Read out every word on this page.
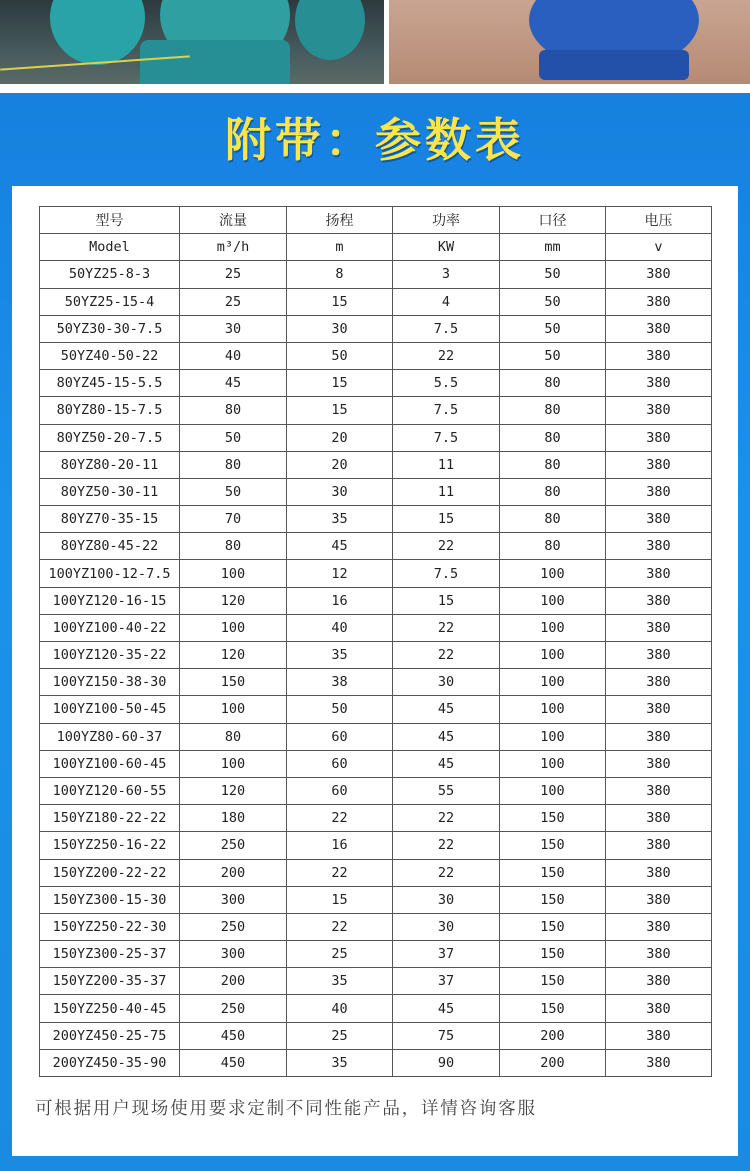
附带：参数表
型号	流量	扬程	功率	口径	电压
Model	m³/h	m	KW	mm	v
50YZ25-8-3	25	8	3	50	380
50YZ25-15-4	25	15	4	50	380
50YZ30-30-7.5	30	30	7.5	50	380
50YZ40-50-22	40	50	22	50	380
80YZ45-15-5.5	45	15	5.5	80	380
80YZ80-15-7.5	80	15	7.5	80	380
80YZ50-20-7.5	50	20	7.5	80	380
80YZ80-20-11	80	20	11	80	380
80YZ50-30-11	50	30	11	80	380
80YZ70-35-15	70	35	15	80	380
80YZ80-45-22	80	45	22	80	380
100YZ100-12-7.5	100	12	7.5	100	380
100YZ120-16-15	120	16	15	100	380
100YZ100-40-22	100	40	22	100	380
100YZ120-35-22	120	35	22	100	380
100YZ150-38-30	150	38	30	100	380
100YZ100-50-45	100	50	45	100	380
100YZ80-60-37	80	60	45	100	380
100YZ100-60-45	100	60	45	100	380
100YZ120-60-55	120	60	55	100	380
150YZ180-22-22	180	22	22	150	380
150YZ250-16-22	250	16	22	150	380
150YZ200-22-22	200	22	22	150	380
150YZ300-15-30	300	15	30	150	380
150YZ250-22-30	250	22	30	150	380
150YZ300-25-37	300	25	37	150	380
150YZ200-35-37	200	35	37	150	380
150YZ250-40-45	250	40	45	150	380
200YZ450-25-75	450	25	75	200	380
200YZ450-35-90	450	35	90	200	380
可根据用户现场使用要求定制不同性能产品，详情咨询客服
